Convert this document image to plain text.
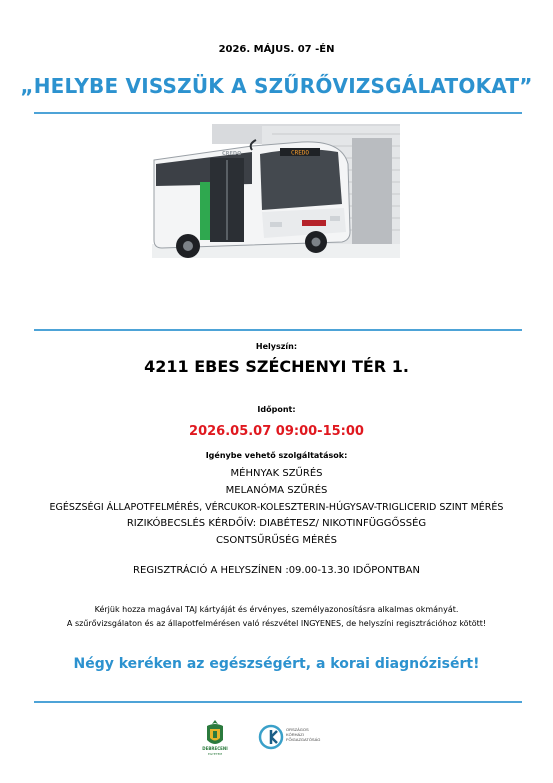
2026. MÁJUS. 07 -ÉN
„HELYBE VISSZÜK A SZŰRŐVIZSGÁLATOKAT”
CREDO
CREDO
Helyszín:
4211 EBES SZÉCHENYI TÉR 1.
Időpont:
2026.05.07 09:00-15:00
Igénybe vehető szolgáltatások:
MÉHNYAK SZŰRÉS
MELANÓMA SZŰRÉS
EGÉSZSÉGI ÁLLAPOTFELMÉRÉS, VÉRCUKOR-KOLESZTERIN-HÚGYSAV-TRIGLICERID SZINT MÉRÉS
RIZIKÓBECSLÉS KÉRDŐÍV: DIABÉTESZ/ NIKOTINFÜGGŐSSÉG
CSONTSŰRŰSÉG MÉRÉS
REGISZTRÁCIÓ A HELYSZÍNEN :09.00-13.30 IDŐPONTBAN
Kérjük hozza magával TAJ kártyáját és érvényes, személyazonosításra alkalmas okmányát.
A szűrővizsgálaton és az állapotfelmérésen való részvétel INGYENES, de helyszíni regisztrációhoz kötött!
Négy keréken az egészségért, a korai diagnózisért!
DEBRECENI
EGYETEM
ORSZÁGOS
KÓRHÁZI
FŐIGAZGATÓSÁG
